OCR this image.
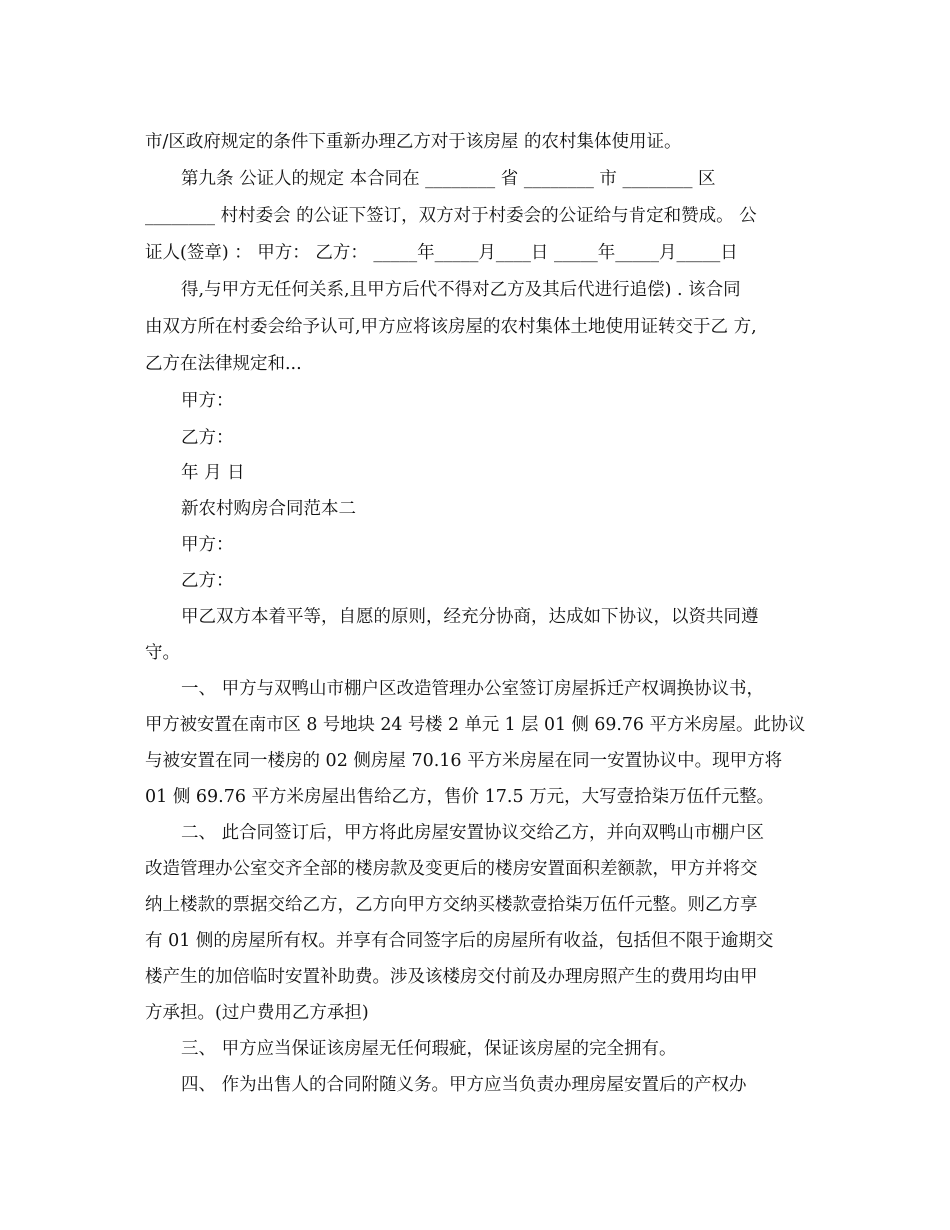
市/区政府规定的条件下重新办理乙方对于该房屋 的农村集体使用证。
第九条 公证人的规定 本合同在 ________ 省 ________ 市 ________ 区
________ 村村委会 的公证下签订，双方对于村委会的公证给与肯定和赞成。 公
证人(签章) ： 甲方： 乙方： _____年_____月____日 _____年_____月_____日
得,与甲方无任何关系,且甲方后代不得对乙方及其后代进行追偿) . 该合同
由双方所在村委会给予认可,甲方应将该房屋的农村集体土地使用证转交于乙 方,
乙方在法律规定和...
甲方：
乙方：
年 月 日
新农村购房合同范本二
甲方：
乙方：
甲乙双方本着平等，自愿的原则，经充分协商，达成如下协议，以资共同遵
守。
一、 甲方与双鸭山市棚户区改造管理办公室签订房屋拆迁产权调换协议书，
甲方被安置在南市区 8 号地块 24 号楼 2 单元 1 层 01 侧 69.76 平方米房屋。此协议
与被安置在同一楼房的 02 侧房屋 70.16 平方米房屋在同一安置协议中。现甲方将
01 侧 69.76 平方米房屋出售给乙方，售价 17.5 万元，大写壹拾柒万伍仟元整。
二、 此合同签订后，甲方将此房屋安置协议交给乙方，并向双鸭山市棚户区
改造管理办公室交齐全部的楼房款及变更后的楼房安置面积差额款，甲方并将交
纳上楼款的票据交给乙方，乙方向甲方交纳买楼款壹拾柒万伍仟元整。则乙方享
有 01 侧的房屋所有权。并享有合同签字后的房屋所有收益，包括但不限于逾期交
楼产生的加倍临时安置补助费。涉及该楼房交付前及办理房照产生的费用均由甲
方承担。(过户费用乙方承担)
三、 甲方应当保证该房屋无任何瑕疵，保证该房屋的完全拥有。
四、 作为出售人的合同附随义务。甲方应当负责办理房屋安置后的产权办
